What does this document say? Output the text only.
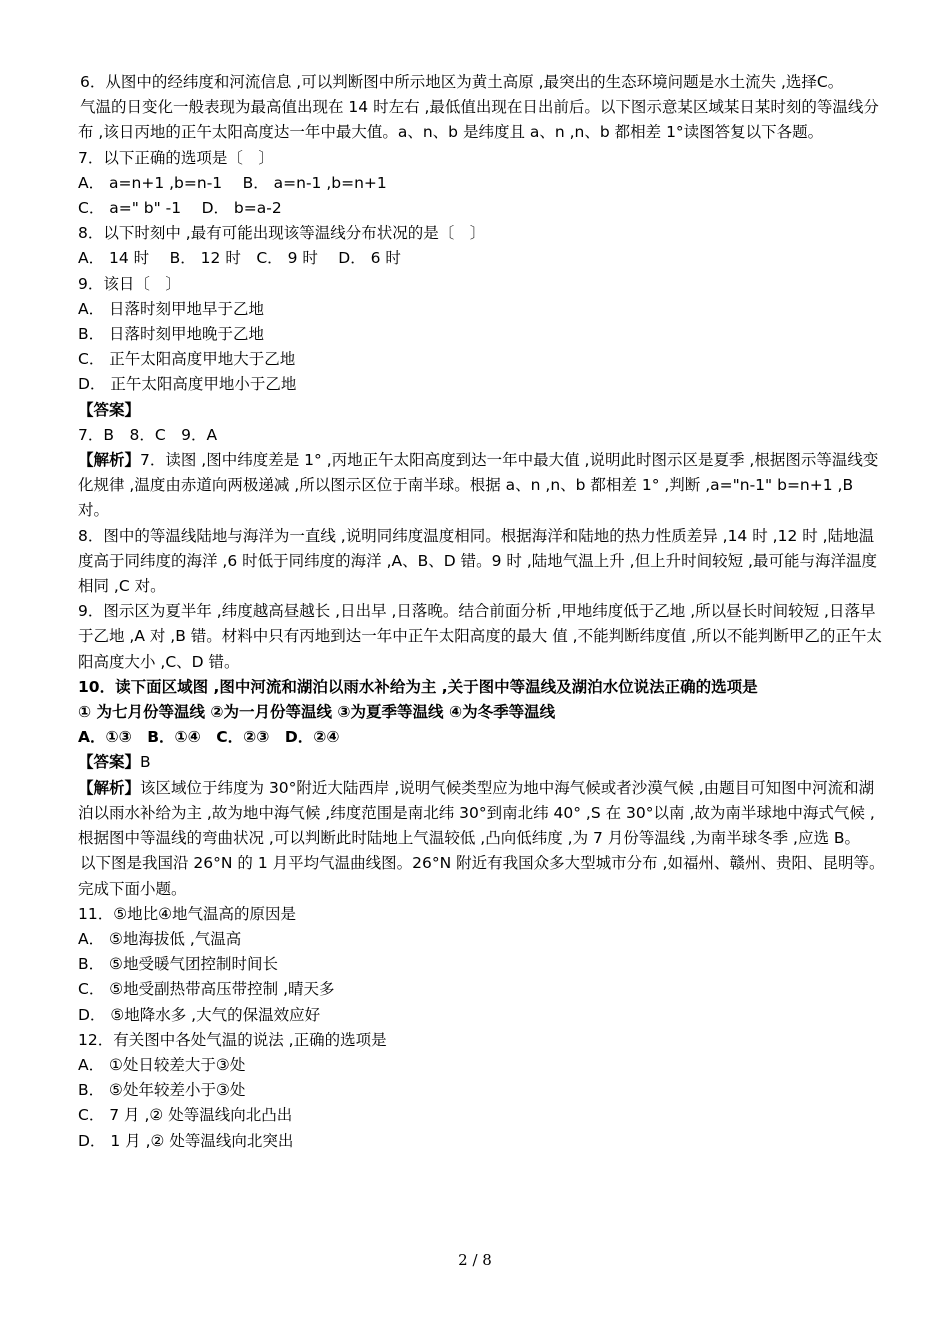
6．从图中的经纬度和河流信息 ,可以判断图中所示地区为黄土高原 ,最突出的生态环境问题是水土流失 ,选择C。

气温的日变化一般表现为最高值出现在 14 时左右 ,最低值出现在日出前后。以下图示意某区域某日某时刻的等温线分布 ,该日丙地的正午太阳高度达一年中最大值。a、n、b 是纬度且 a、n ,n、b 都相差 1°读图答复以下各题。

7．以下正确的选项是〔　〕

A． a=n+1 ,b=n-1　 B． a=n-1 ,b=n+1

C． a=" b" -1　 D． b=a-2

8．以下时刻中 ,最有可能出现该等温线分布状况的是〔　〕

A． 14 时　 B． 12 时　C． 9 时　 D． 6 时

9．该日〔　〕

A． 日落时刻甲地早于乙地

B． 日落时刻甲地晚于乙地

C． 正午太阳高度甲地大于乙地

D． 正午太阳高度甲地小于乙地

【答案】

7．B　8．C　9．A

【解析】7．读图 ,图中纬度差是 1° ,丙地正午太阳高度到达一年中最大值 ,说明此时图示区是夏季 ,根据图示等温线变化规律 ,温度由赤道向两极递减 ,所以图示区位于南半球。根据 a、n ,n、b 都相差 1° ,判断 ,a="n-1" b=n+1 ,B 对。

8．图中的等温线陆地与海洋为一直线 ,说明同纬度温度相同。根据海洋和陆地的热力性质差异 ,14 时 ,12 时 ,陆地温度高于同纬度的海洋 ,6 时低于同纬度的海洋 ,A、B、D 错。9 时 ,陆地气温上升 ,但上升时间较短 ,最可能与海洋温度相同 ,C 对。

9．图示区为夏半年 ,纬度越高昼越长 ,日出早 ,日落晚。结合前面分析 ,甲地纬度低于乙地 ,所以昼长时间较短 ,日落早于乙地 ,A 对 ,B 错。材料中只有丙地到达一年中正午太阳高度的最大 值 ,不能判断纬度值 ,所以不能判断甲乙的正午太阳高度大小 ,C、D 错。

10．读下面区域图 ,图中河流和湖泊以雨水补给为主 ,关于图中等温线及湖泊水位说法正确的选项是

① 为七月份等温线 ②为一月份等温线 ③为夏季等温线 ④为冬季等温线

A．①③　B．①④　C．②③　D．②④

【答案】B

【解析】该区域位于纬度为 30°附近大陆西岸 ,说明气候类型应为地中海气候或者沙漠气候 ,由题目可知图中河流和湖泊以雨水补给为主 ,故为地中海气候 ,纬度范围是南北纬 30°到南北纬 40° ,S 在 30°以南 ,故为南半球地中海式气候 ,根据图中等温线的弯曲状况 ,可以判断此时陆地上气温较低 ,凸向低纬度 ,为 7 月份等温线 ,为南半球冬季 ,应选 B。

以下图是我国沿 26°N 的 1 月平均气温曲线图。26°N 附近有我国众多大型城市分布 ,如福州、赣州、贵阳、昆明等。完成下面小题。

11．⑤地比④地气温高的原因是

A． ⑤地海拔低 ,气温高

B． ⑤地受暖气团控制时间长

C． ⑤地受副热带高压带控制 ,晴天多

D． ⑤地降水多 ,大气的保温效应好

12．有关图中各处气温的说法 ,正确的选项是

A． ①处日较差大于③处

B． ⑤处年较差小于③处

C． 7 月 ,② 处等温线向北凸出

D． 1 月 ,② 处等温线向北突出

2 / 8
